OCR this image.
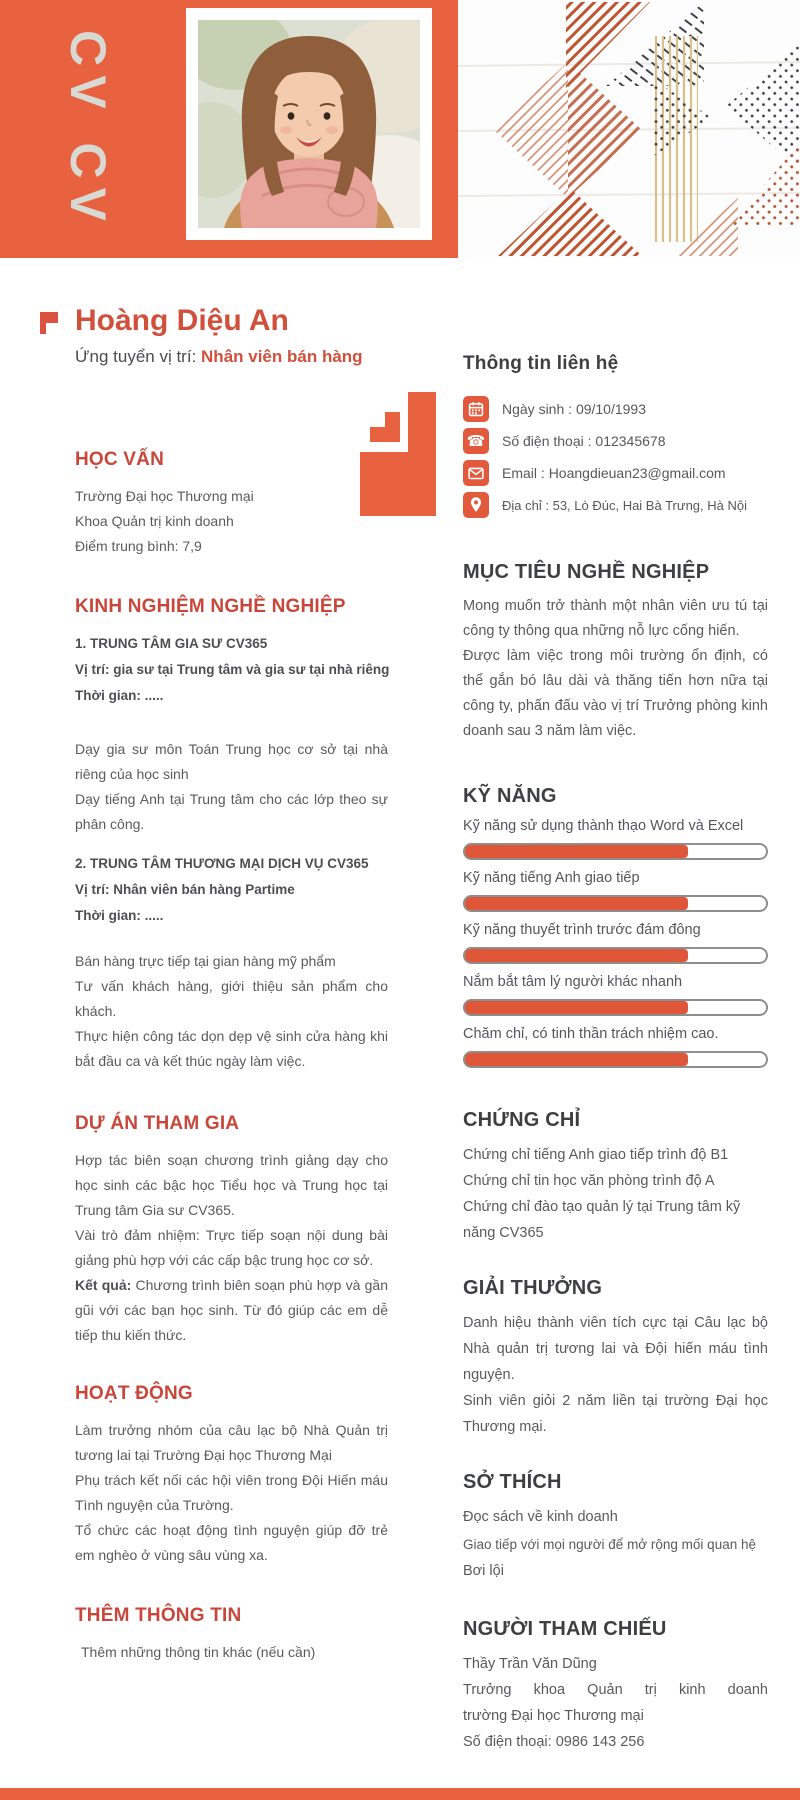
CV CV
Hoàng Diệu An
Ứng tuyển vị trí: Nhân viên bán hàng
HỌC VẤN

Trường Đại học Thương mại

Khoa Quản trị kinh doanh

Điểm trung bình: 7,9

KINH NGHIỆM NGHỀ NGHIỆP

1. TRUNG TÂM GIA SƯ CV365

Vị trí: gia sư tại Trung tâm và gia sư tại nhà riêng

Thời gian: .....

Dạy gia sư môn Toán Trung học cơ sở tại nhà riêng của học sinh

Dạy tiếng Anh tại Trung tâm cho các lớp theo sự phân công.

2. TRUNG TÂM THƯƠNG MẠI DỊCH VỤ CV365

Vị trí: Nhân viên bán hàng Partime

Thời gian: .....

Bán hàng trực tiếp tại gian hàng mỹ phẩm

Tư vấn khách hàng, giới thiệu sản phẩm cho khách.

Thực hiện công tác dọn dẹp vệ sinh cửa hàng khi bắt đầu ca và kết thúc ngày làm việc.

DỰ ÁN THAM GIA

Hợp tác biên soạn chương trình giảng dạy cho học sinh các bậc học Tiểu học và Trung học tại Trung tâm Gia sư CV365.

Vài trò đảm nhiệm: Trực tiếp soạn nội dung bài giảng phù hợp với các cấp bậc trung học cơ sở.

Kết quả: Chương trình biên soạn phù hợp và gần gũi với các bạn học sinh. Từ đó giúp các em dễ tiếp thu kiến thức.

HOẠT ĐỘNG

Làm trưởng nhóm của câu lạc bộ Nhà Quản trị tương lai tại Trường Đại học Thương Mại

Phụ trách kết nối các hội viên trong Đội Hiến máu Tình nguyện của Trường.

Tổ chức các hoạt động tình nguyện giúp đỡ trẻ em nghèo ở vùng sâu vùng xa.

THÊM THÔNG TIN

Thêm những thông tin khác (nếu cần)

Thông tin liên hệ
Ngày sinh : 09/10/1993
☎ Số điện thoại : 012345678
Email : Hoangdieuan23@gmail.com
Địa chỉ : 53, Lò Đúc, Hai Bà Trưng, Hà Nội
MỤC TIÊU NGHỀ NGHIỆP

Mong muốn trở thành một nhân viên ưu tú tại công ty thông qua những nỗ lực cống hiến.

Được làm việc trong môi trường ổn định, có thể gắn bó lâu dài và thăng tiến hơn nữa tại công ty, phấn đấu vào vị trí Trưởng phòng kinh doanh sau 3 năm làm việc.

KỸ NĂNG

Kỹ năng sử dụng thành thạo Word và Excel

Kỹ năng tiếng Anh giao tiếp

Kỹ năng thuyết trình trước đám đông

Nắm bắt tâm lý người khác nhanh

Chăm chỉ, có tinh thần trách nhiệm cao.

CHỨNG CHỈ

Chứng chỉ tiếng Anh giao tiếp trình độ B1

Chứng chỉ tin học văn phòng trình độ A

Chứng chỉ đào tạo quản lý tại Trung tâm kỹ năng CV365

GIẢI THƯỞNG

Danh hiệu thành viên tích cực tại Câu lạc bộ Nhà quản trị tương lai và Đội hiến máu tình nguyện.

Sinh viên giỏi 2 năm liền tại trường Đại học Thương mại.

SỞ THÍCH

Đọc sách về kinh doanh

Giao tiếp với mọi người để mở rộng mối quan hệ

Bơi lội

NGƯỜI THAM CHIẾU

Thầy Trần Văn Dũng

Trưởng khoa Quản trị kinh doanh

trường Đại học Thương mại

Số điện thoại: 0986 143 256
